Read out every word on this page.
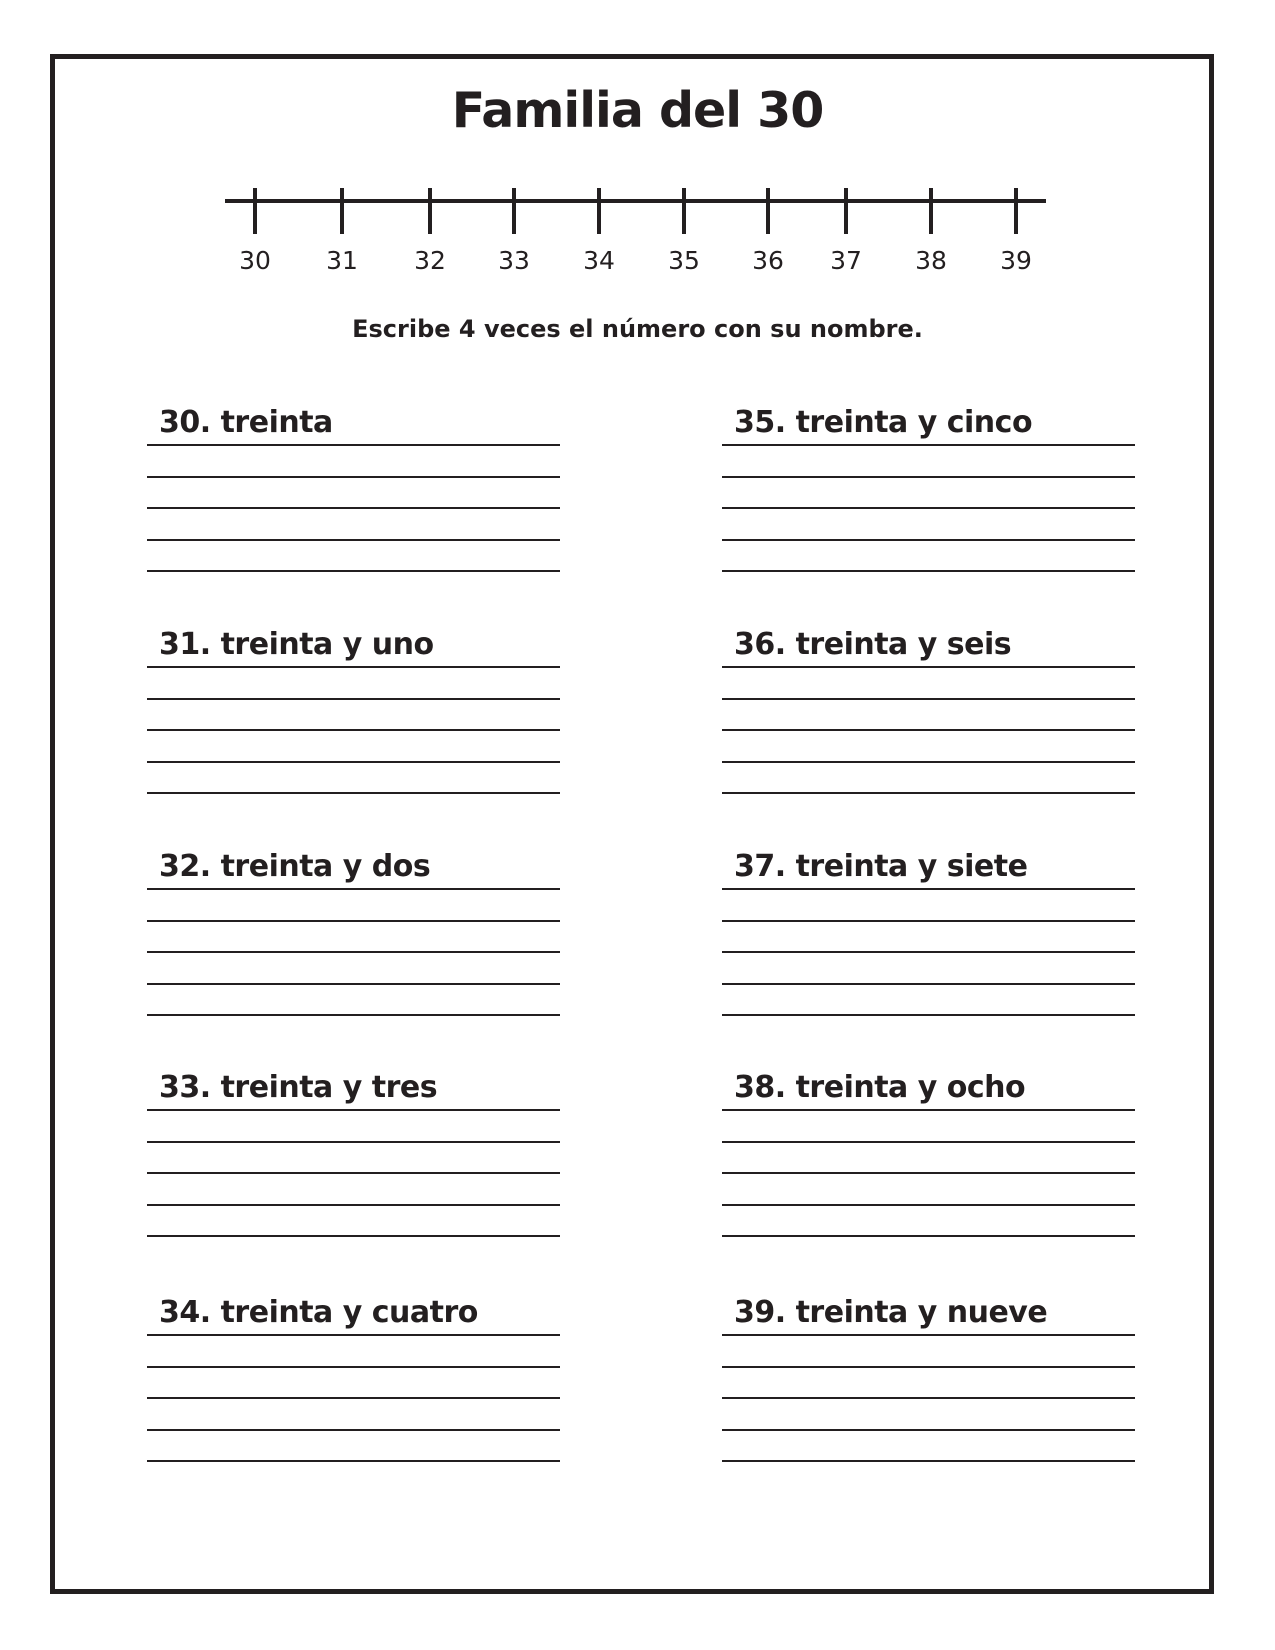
Familia del 30
30 31 32 33 34 35 36 37 38 39

Escribe 4 veces el número con su nombre.

30. treinta
31. treinta y uno
32. treinta y dos
33. treinta y tres
34. treinta y cuatro
35. treinta y cinco
36. treinta y seis
37. treinta y siete
38. treinta y ocho
39. treinta y nueve
